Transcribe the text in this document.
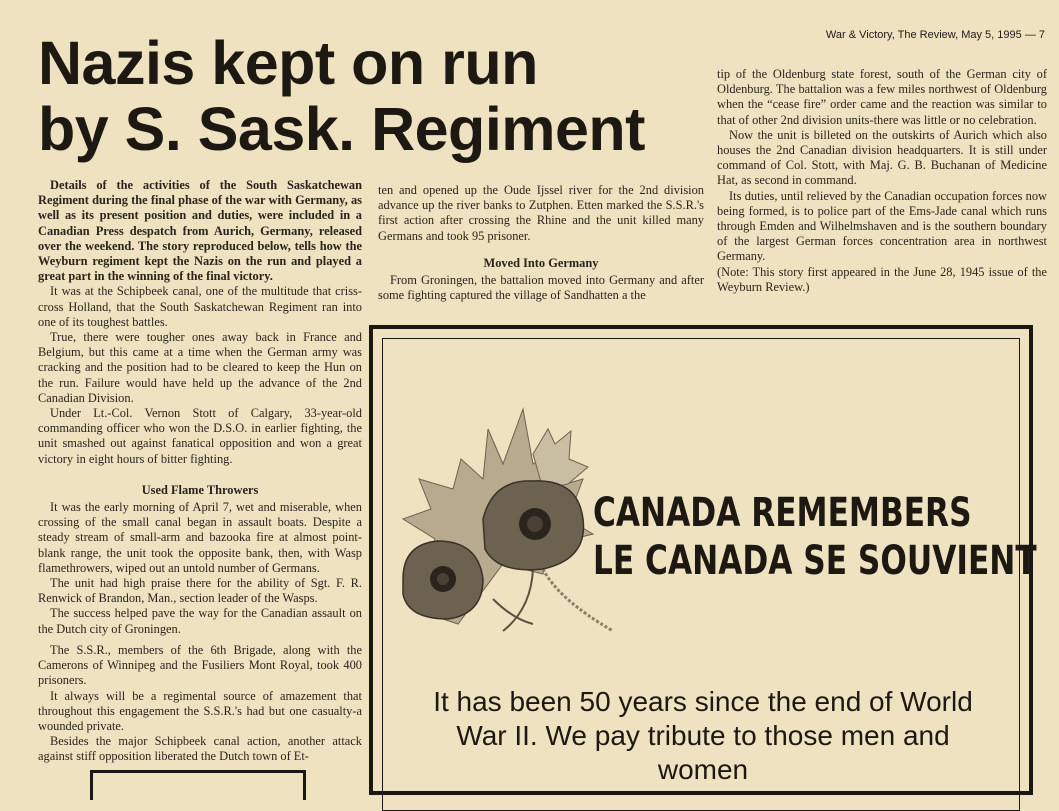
War & Victory, The Review, May 5, 1995 — 7
Nazis kept on run
by S. Sask. Regiment

Details of the activities of the South Saskatchewan Regiment during the final phase of the war with Germany, as well as its present position and duties, were included in a Canadian Press despatch from Aurich, Germany, released over the weekend. The story reproduced below, tells how the Weyburn regiment kept the Nazis on the run and played a great part in the winning of the final victory.

It was at the Schipbeek canal, one of the multitude that criss-cross Holland, that the South Saskatchewan Regiment ran into one of its toughest battles.

True, there were tougher ones away back in France and Belgium, but this came at a time when the German army was cracking and the position had to be cleared to keep the Hun on the run. Failure would have held up the advance of the 2nd Canadian Division.

Under Lt.-Col. Vernon Stott of Calgary, 33-year-old commanding officer who won the D.S.O. in earlier fighting, the unit smashed out against fanatical opposition and won a great victory in eight hours of bitter fighting.

Used Flame Throwers

It was the early morning of April 7, wet and miserable, when crossing of the small canal began in assault boats. Despite a steady stream of small-arm and bazooka fire at almost point-blank range, the unit took the opposite bank, then, with Wasp flamethrowers, wiped out an untold number of Germans.

The unit had high praise there for the ability of Sgt. F. R. Renwick of Brandon, Man., section leader of the Wasps.

The success helped pave the way for the Canadian assault on the Dutch city of Groningen.

The S.S.R., members of the 6th Brigade, along with the Camerons of Winnipeg and the Fusiliers Mont Royal, took 400 prisoners.

It always will be a regimental source of amazement that throughout this engagement the S.S.R.'s had but one casualty-a wounded private.

Besides the major Schipbeek canal action, another attack against stiff opposition liberated the Dutch town of Et-

ten and opened up the Oude Ijssel river for the 2nd division advance up the river banks to Zutphen. Etten marked the S.S.R.'s first action after crossing the Rhine and the unit killed many Germans and took 95 prisoner.

Moved Into Germany

From Groningen, the battalion moved into Germany and after some fighting captured the village of Sandhatten a the

tip of the Oldenburg state forest, south of the German city of Oldenburg. The battalion was a few miles northwest of Oldenburg when the “cease fire” order came and the reaction was similar to that of other 2nd division units-there was little or no celebration.

Now the unit is billeted on the outskirts of Aurich which also houses the 2nd Canadian division headquarters. It is still under command of Col. Stott, with Maj. G. B. Buchanan of Medicine Hat, as second in command.

Its duties, until relieved by the Canadian occupation forces now being formed, is to police part of the Ems-Jade canal which runs through Emden and Wilhelmshaven and is the southern boundary of the largest German forces concentration area in northwest Germany.

(Note: This story first appeared in the June 28, 1945 issue of the Weyburn Review.)

CANADA REMEMBERS
LE CANADA SE SOUVIENT
It has been 50 years since the end of World War II. We pay tribute to those men and women
